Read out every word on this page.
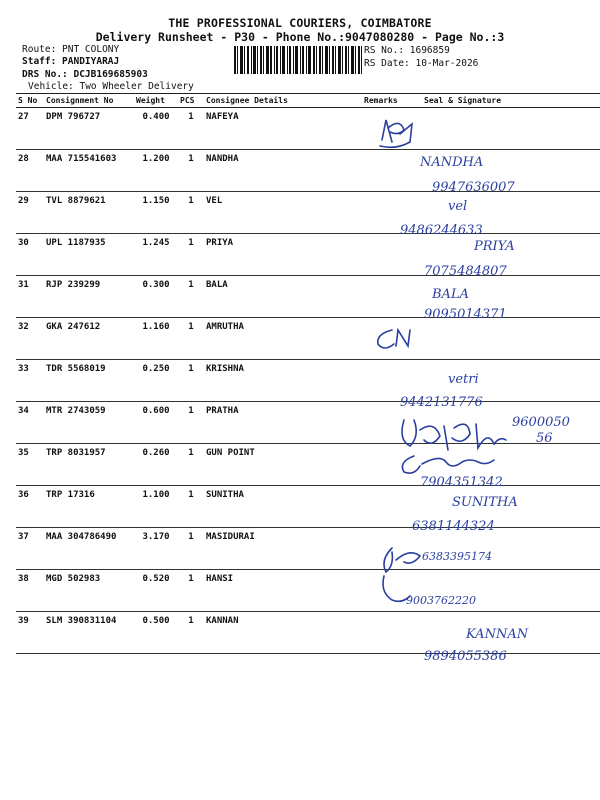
THE PROFESSIONAL COURIERS, COIMBATORE
Delivery Runsheet - P30 - Phone No.:9047080280 - Page No.:3
Route: PNT COLONY
Staff: PANDIYARAJ
DRS No.: DCJB169685903
Vehicle: Two Wheeler Delivery
RS No.: 1696859
RS Date: 10-Mar-2026
S No	Consignment No	Weight	PCS	Consignee Details	Remarks	Seal & Signature
27	DPM 796727	0.400	1	NAFEYA		
28	MAA 715541603	1.200	1	NANDHA		
29	TVL 8879621	1.150	1	VEL		
30	UPL 1187935	1.245	1	PRIYA		
31	RJP 239299	0.300	1	BALA		
32	GKA 247612	1.160	1	AMRUTHA		
33	TDR 5568019	0.250	1	KRISHNA		
34	MTR 2743059	0.600	1	PRATHA		
35	TRP 8031957	0.260	1	GUN POINT		
36	TRP 17316	1.100	1	SUNITHA		
37	MAA 304786490	3.170	1	MASIDURAI		
38	MGD 502983	0.520	1	HANSI		
39	SLM 390831104	0.500	1	KANNAN		
NANDHA
9947636007
vel
9486244633
PRIYA
7075484807
BALA
9095014371
vetri
9442131776
9600050
56
7904351342
SUNITHA
6381144324
6383395174
9003762220
KANNAN
9894055386
